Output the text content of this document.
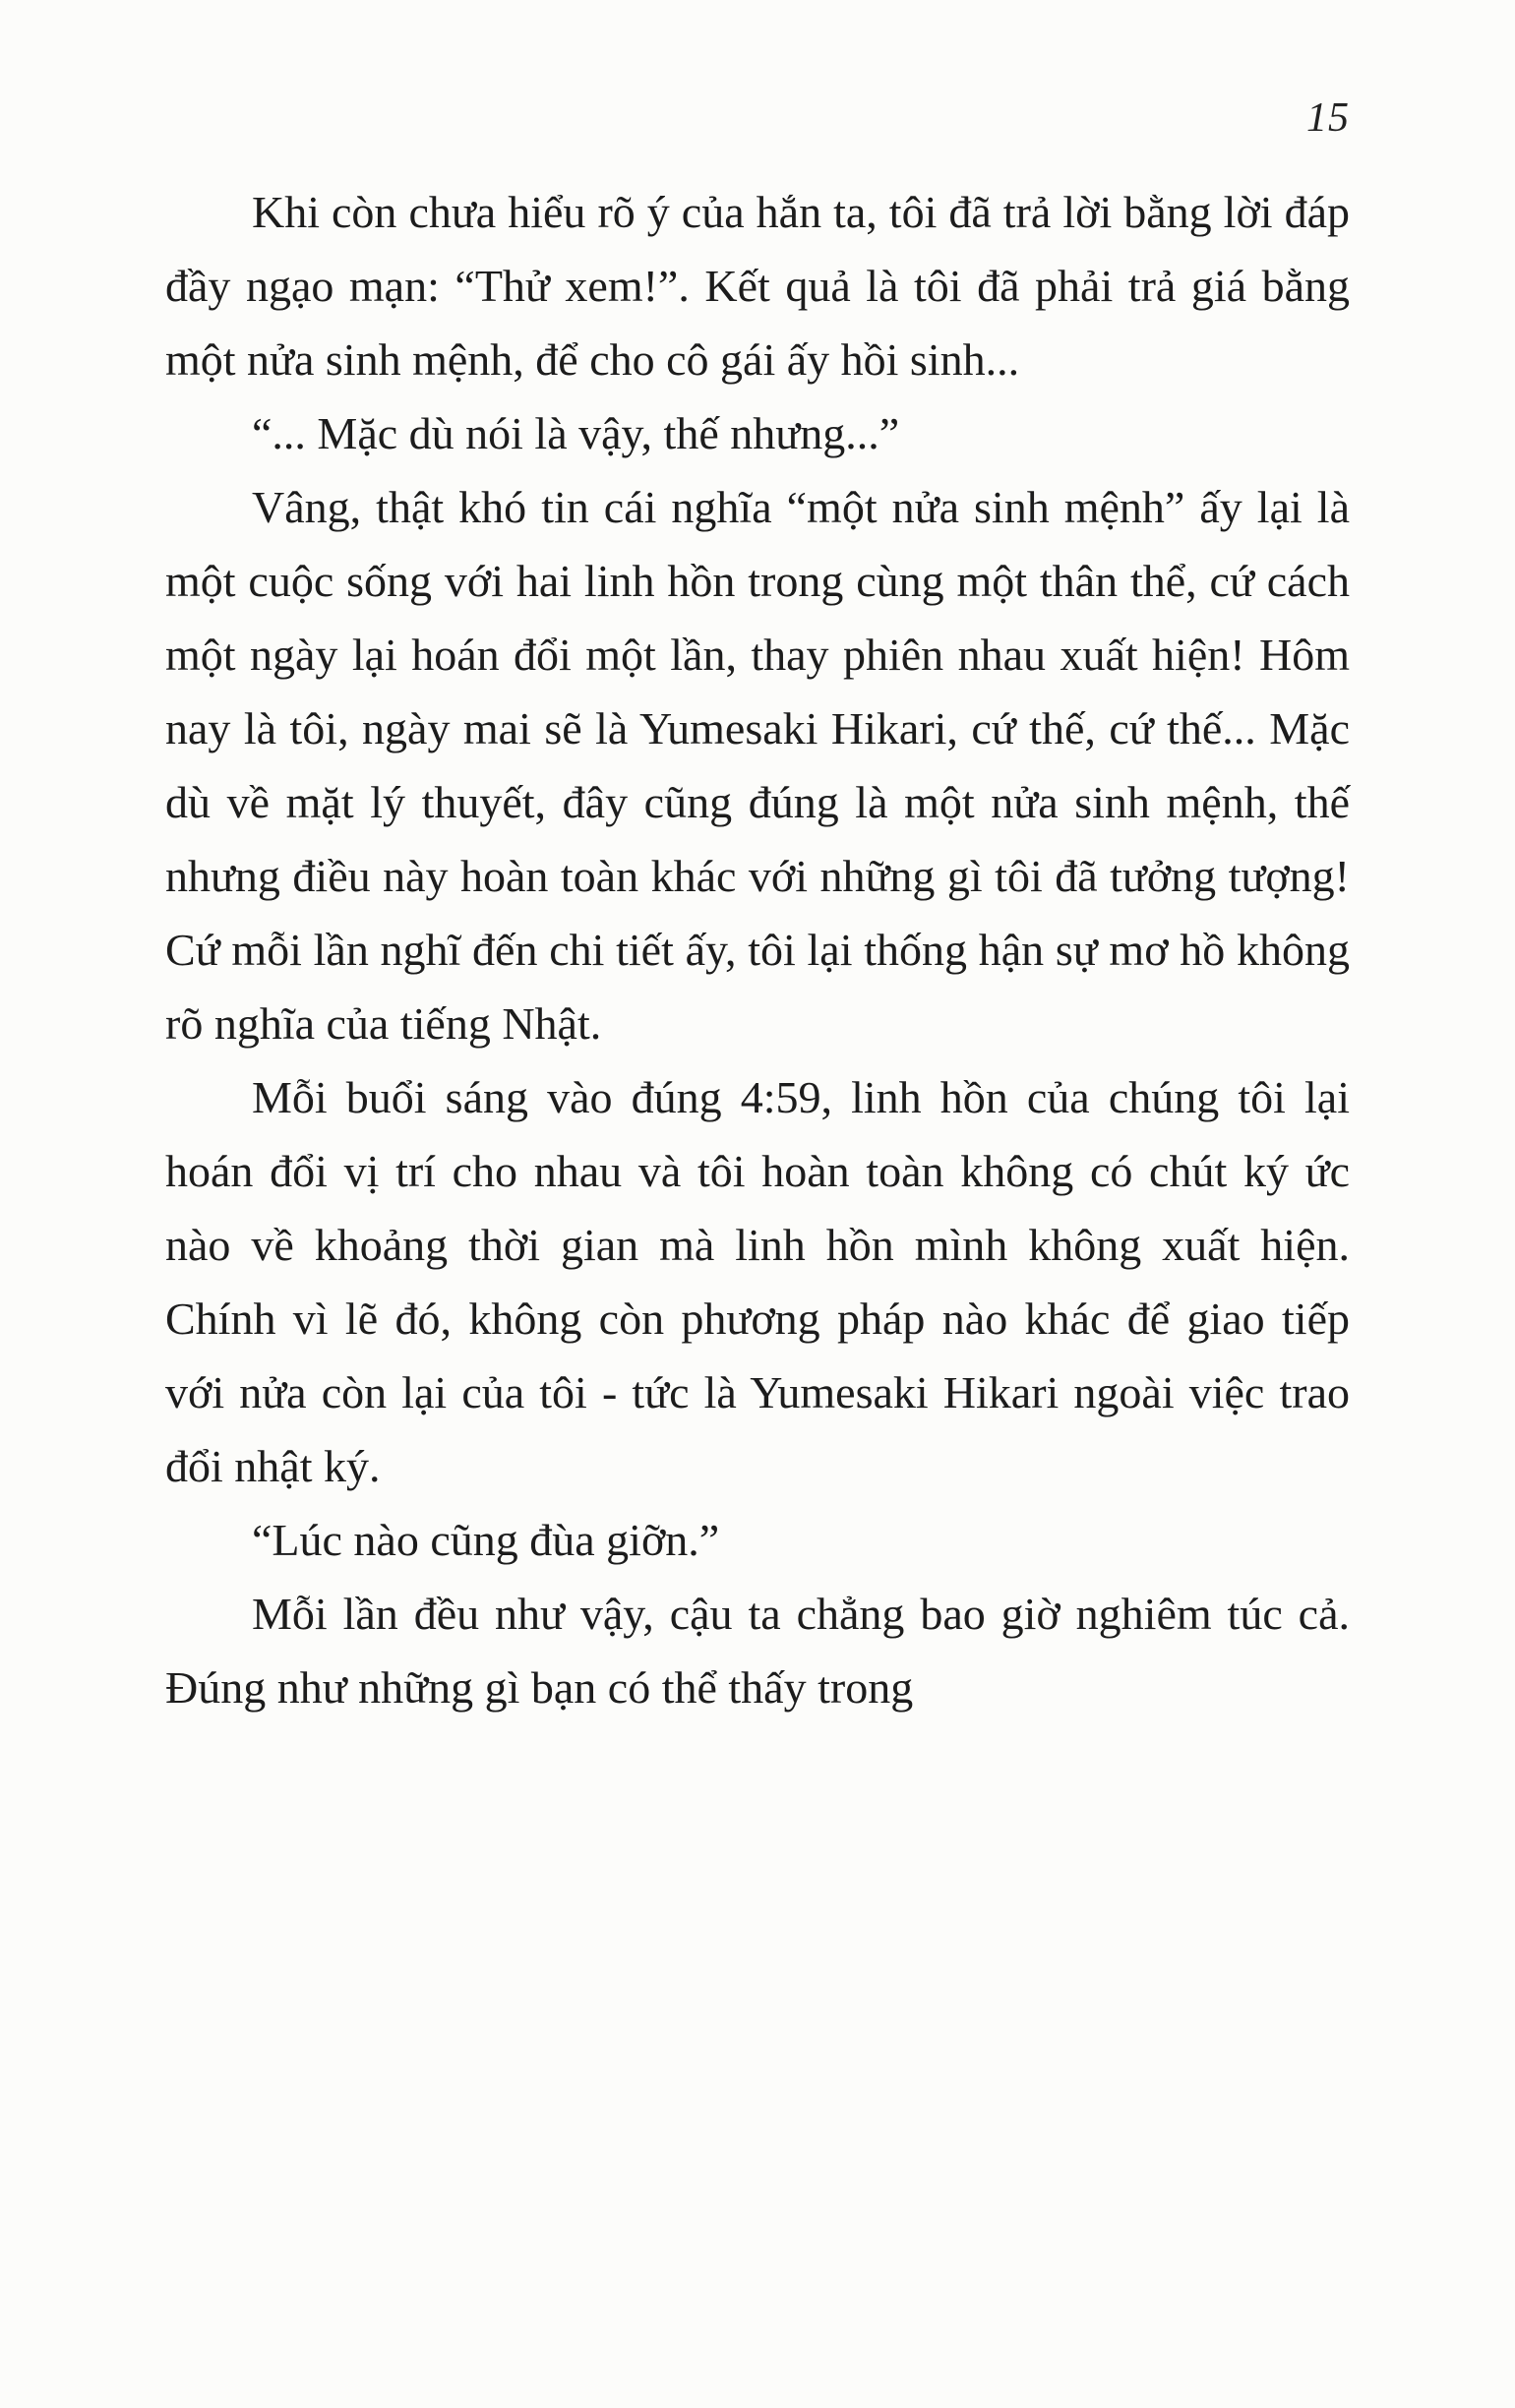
15

Khi còn chưa hiểu rõ ý của hắn ta, tôi đã trả lời bằng lời đáp đầy ngạo mạn: “Thử xem!”. Kết quả là tôi đã phải trả giá bằng một nửa sinh mệnh, để cho cô gái ấy hồi sinh...

“... Mặc dù nói là vậy, thế nhưng...”

Vâng, thật khó tin cái nghĩa “một nửa sinh mệnh” ấy lại là một cuộc sống với hai linh hồn trong cùng một thân thể, cứ cách một ngày lại hoán đổi một lần, thay phiên nhau xuất hiện! Hôm nay là tôi, ngày mai sẽ là Yumesaki Hikari, cứ thế, cứ thế... Mặc dù về mặt lý thuyết, đây cũng đúng là một nửa sinh mệnh, thế nhưng điều này hoàn toàn khác với những gì tôi đã tưởng tượng! Cứ mỗi lần nghĩ đến chi tiết ấy, tôi lại thống hận sự mơ hồ không rõ nghĩa của tiếng Nhật.

Mỗi buổi sáng vào đúng 4:59, linh hồn của chúng tôi lại hoán đổi vị trí cho nhau và tôi hoàn toàn không có chút ký ức nào về khoảng thời gian mà linh hồn mình không xuất hiện. Chính vì lẽ đó, không còn phương pháp nào khác để giao tiếp với nửa còn lại của tôi - tức là Yumesaki Hikari ngoài việc trao đổi nhật ký.

“Lúc nào cũng đùa giỡn.”

Mỗi lần đều như vậy, cậu ta chẳng bao giờ nghiêm túc cả. Đúng như những gì bạn có thể thấy trong
